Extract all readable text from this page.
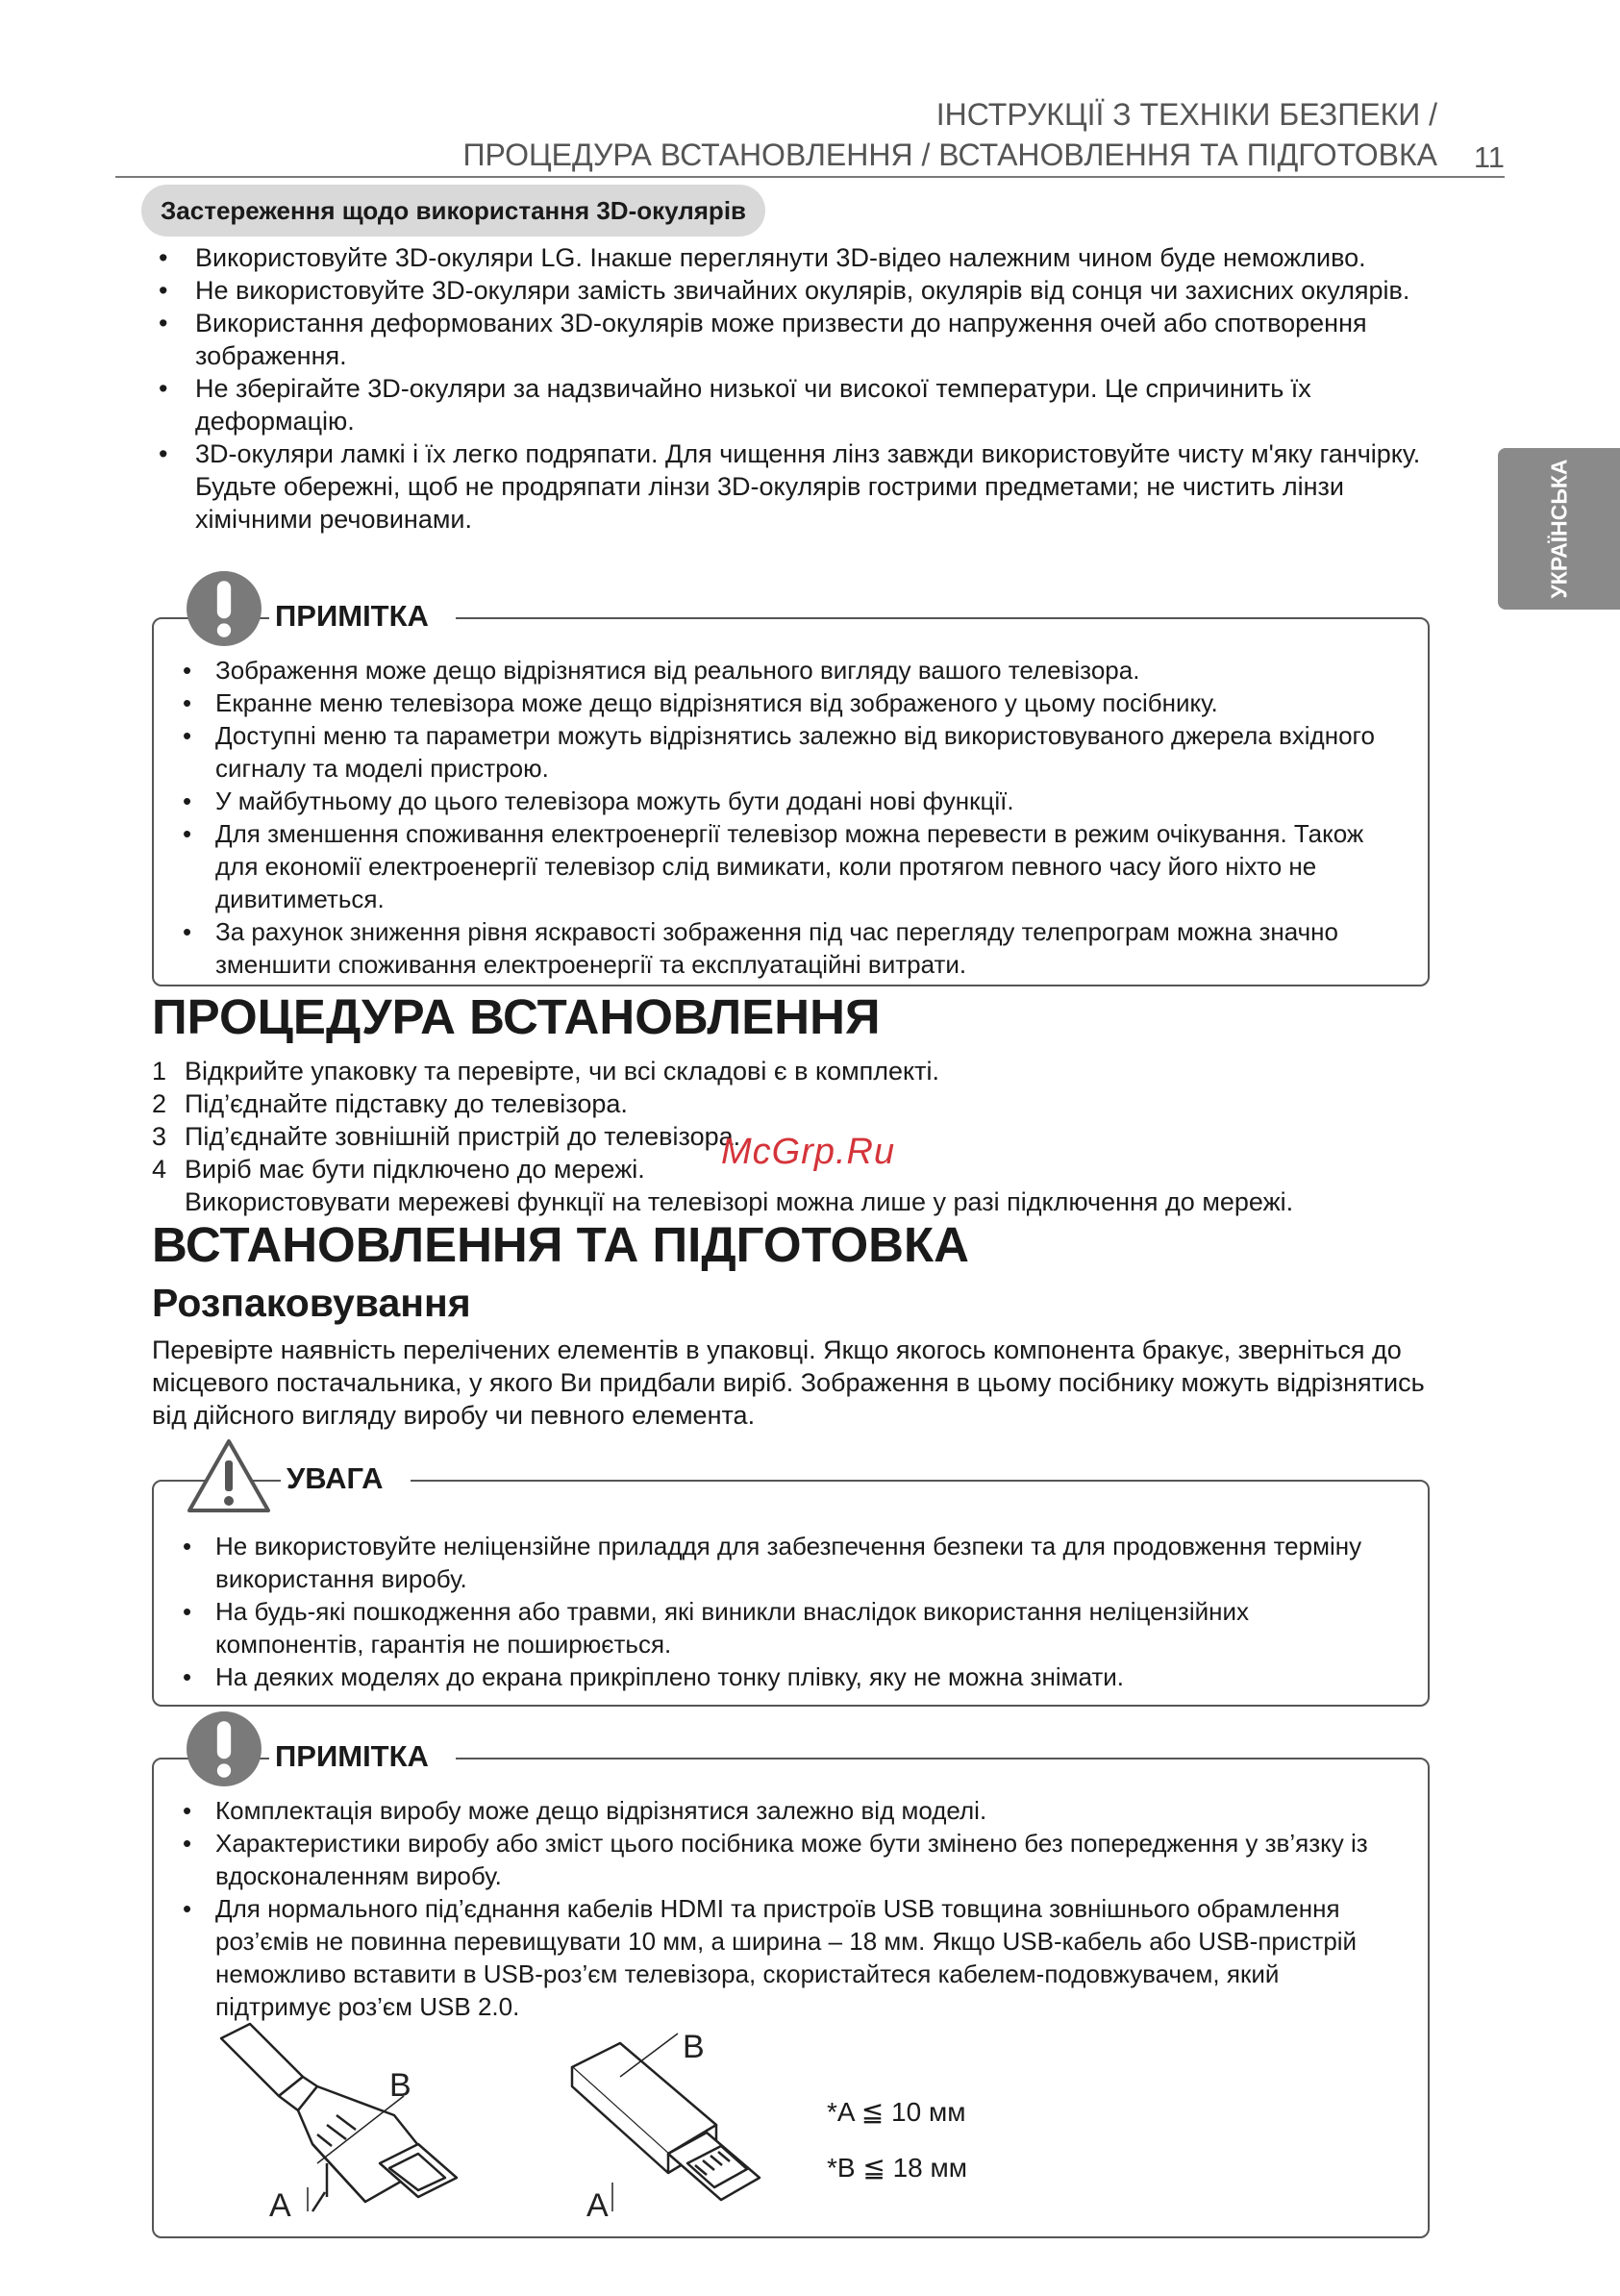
ІНСТРУКЦІЇ З ТЕХНІКИ БЕЗПЕКИ /
ПРОЦЕДУРА ВСТАНОВЛЕННЯ / ВСТАНОВЛЕННЯ ТА ПІДГОТОВКА 11
УКРАЇНСЬКА
Застереження щодо використання 3D-окулярів
• Використовуйте 3D-окуляри LG. Інакше переглянути 3D-відео належним чином буде неможливо.
• Не використовуйте 3D-окуляри замість звичайних окулярів, окулярів від сонця чи захисних окулярів.
• Використання деформованих 3D-окулярів може призвести до напруження очей або спотворення зображення.
• Не зберігайте 3D-окуляри за надзвичайно низької чи високої температури. Це спричинить їх деформацію.
• 3D-окуляри ламкі і їх легко подряпати. Для чищення лінз завжди використовуйте чисту м'яку ганчірку. Будьте обережні, щоб не продряпати лінзи 3D-окулярів гострими предметами; не чистить лінзи хімічними речовинами.
ПРИМІТКА
• Зображення може дещо відрізнятися від реального вигляду вашого телевізора.
• Екранне меню телевізора може дещо відрізнятися від зображеного у цьому посібнику.
• Доступні меню та параметри можуть відрізнятись залежно від використовуваного джерела вхідного сигналу та моделі пристрою.
• У майбутньому до цього телевізора можуть бути додані нові функції.
• Для зменшення споживання електроенергії телевізор можна перевести в режим очікування. Також для економії електроенергії телевізор слід вимикати, коли протягом певного часу його ніхто не дивитиметься.
• За рахунок зниження рівня яскравості зображення під час перегляду телепрограм можна значно зменшити споживання електроенергії та експлуатаційні витрати.
ПРОЦЕДУРА ВСТАНОВЛЕННЯ
1 Відкрийте упаковку та перевірте, чи всі складові є в комплекті.
2 Під’єднайте підставку до телевізора.
3 Під’єднайте зовнішній пристрій до телевізора.
4 Виріб має бути підключено до мережі.
Використовувати мережеві функції на телевізорі можна лише у разі підключення до мережі.
McGrp.Ru
ВСТАНОВЛЕННЯ ТА ПІДГОТОВКА
Розпаковування

Перевірте наявність перелічених елементів в упаковці. Якщо якогось компонента бракує, зверніться до місцевого постачальника, у якого Ви придбали виріб. Зображення в цьому посібнику можуть відрізнятись від дійсного вигляду виробу чи певного елемента.

УВАГА
• Не використовуйте неліцензійне приладдя для забезпечення безпеки та для продовження терміну використання виробу.
• На будь-які пошкодження або травми, які виникли внаслідок використання неліцензійних компонентів, гарантія не поширюється.
• На деяких моделях до екрана прикріплено тонку плівку, яку не можна знімати.
ПРИМІТКА
• Комплектація виробу може дещо відрізнятися залежно від моделі.
• Характеристики виробу або зміст цього посібника може бути змінено без попередження у зв’язку із вдосконаленням виробу.
• Для нормального під’єднання кабелів HDMI та пристроїв USB товщина зовнішнього обрамлення роз’ємів не повинна перевищувати 10 мм, а ширина – 18 мм. Якщо USB-кабель або USB-пристрій неможливо вставити в USB-роз’єм телевізора, скористайтеся кабелем-подовжувачем, який підтримує роз’єм USB 2.0.
B
A
B
A
*A ≦ 10 мм
*B ≦ 18 мм
